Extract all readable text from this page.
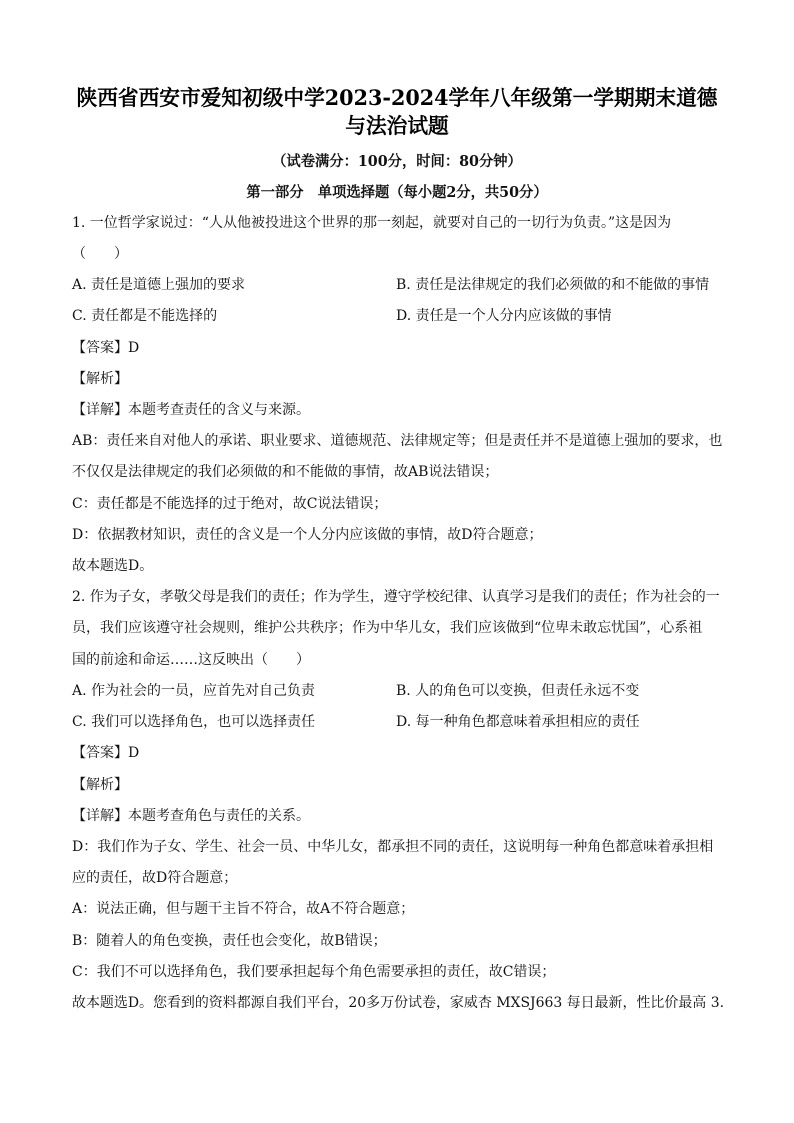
陕西省西安市爱知初级中学2023-2024学年八年级第一学期期末道德
与法治试题
（试卷满分：100分，时间：80分钟）
第一部分　单项选择题（每小题2分，共50分）
1. 一位哲学家说过：“人从他被投进这个世界的那一刻起，就要对自己的一切行为负责。”这是因为
（　　）
A. 责任是道德上强加的要求	B. 责任是法律规定的我们必须做的和不能做的事情
C. 责任都是不能选择的	D. 责任是一个人分内应该做的事情
【答案】D
【解析】
【详解】本题考查责任的含义与来源。
AB：责任来自对他人的承诺、职业要求、道德规范、法律规定等；但是责任并不是道德上强加的要求，也
不仅仅是法律规定的我们必须做的和不能做的事情，故AB说法错误；
C：责任都是不能选择的过于绝对，故C说法错误；
D：依据教材知识，责任的含义是一个人分内应该做的事情，故D符合题意；
故本题选D。
2. 作为子女，孝敬父母是我们的责任；作为学生，遵守学校纪律、认真学习是我们的责任；作为社会的一
员，我们应该遵守社会规则，维护公共秩序；作为中华儿女，我们应该做到“位卑未敢忘忧国”，心系祖
国的前途和命运……这反映出（　　）
A. 作为社会的一员，应首先对自己负责	B. 人的角色可以变换，但责任永远不变
C. 我们可以选择角色，也可以选择责任	D. 每一种角色都意味着承担相应的责任
【答案】D
【解析】
【详解】本题考查角色与责任的关系。
D：我们作为子女、学生、社会一员、中华儿女，都承担不同的责任，这说明每一种角色都意味着承担相
应的责任，故D符合题意；
A：说法正确，但与题干主旨不符合，故A不符合题意；
B：随着人的角色变换，责任也会变化，故B错误；
C：我们不可以选择角色，我们要承担起每个角色需要承担的责任，故C错误；
故本题选D。您看到的资料都源自我们平台，20多万份试卷，家威杏 MXSJ663 每日最新，性比价最高 3.
